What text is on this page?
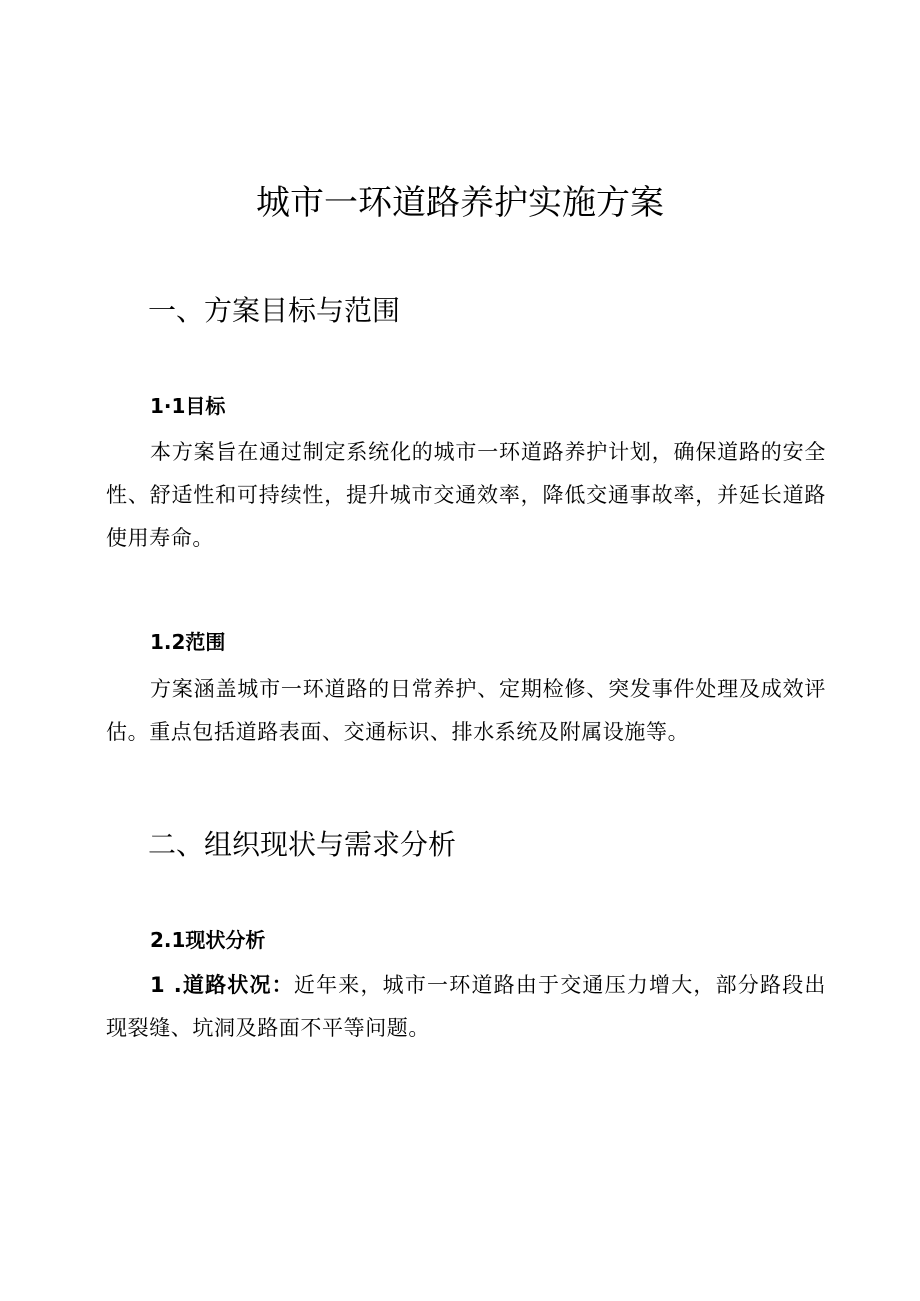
城市一环道路养护实施方案
一、方案目标与范围
1·1目标

本方案旨在通过制定系统化的城市一环道路养护计划，确保道路的安全性、舒适性和可持续性，提升城市交通效率，降低交通事故率，并延长道路使用寿命。

1.2范围

方案涵盖城市一环道路的日常养护、定期检修、突发事件处理及成效评估。重点包括道路表面、交通标识、排水系统及附属设施等。

二、组织现状与需求分析
2.1现状分析

1 .道路状况：近年来，城市一环道路由于交通压力增大，部分路段出现裂缝、坑洞及路面不平等问题。
